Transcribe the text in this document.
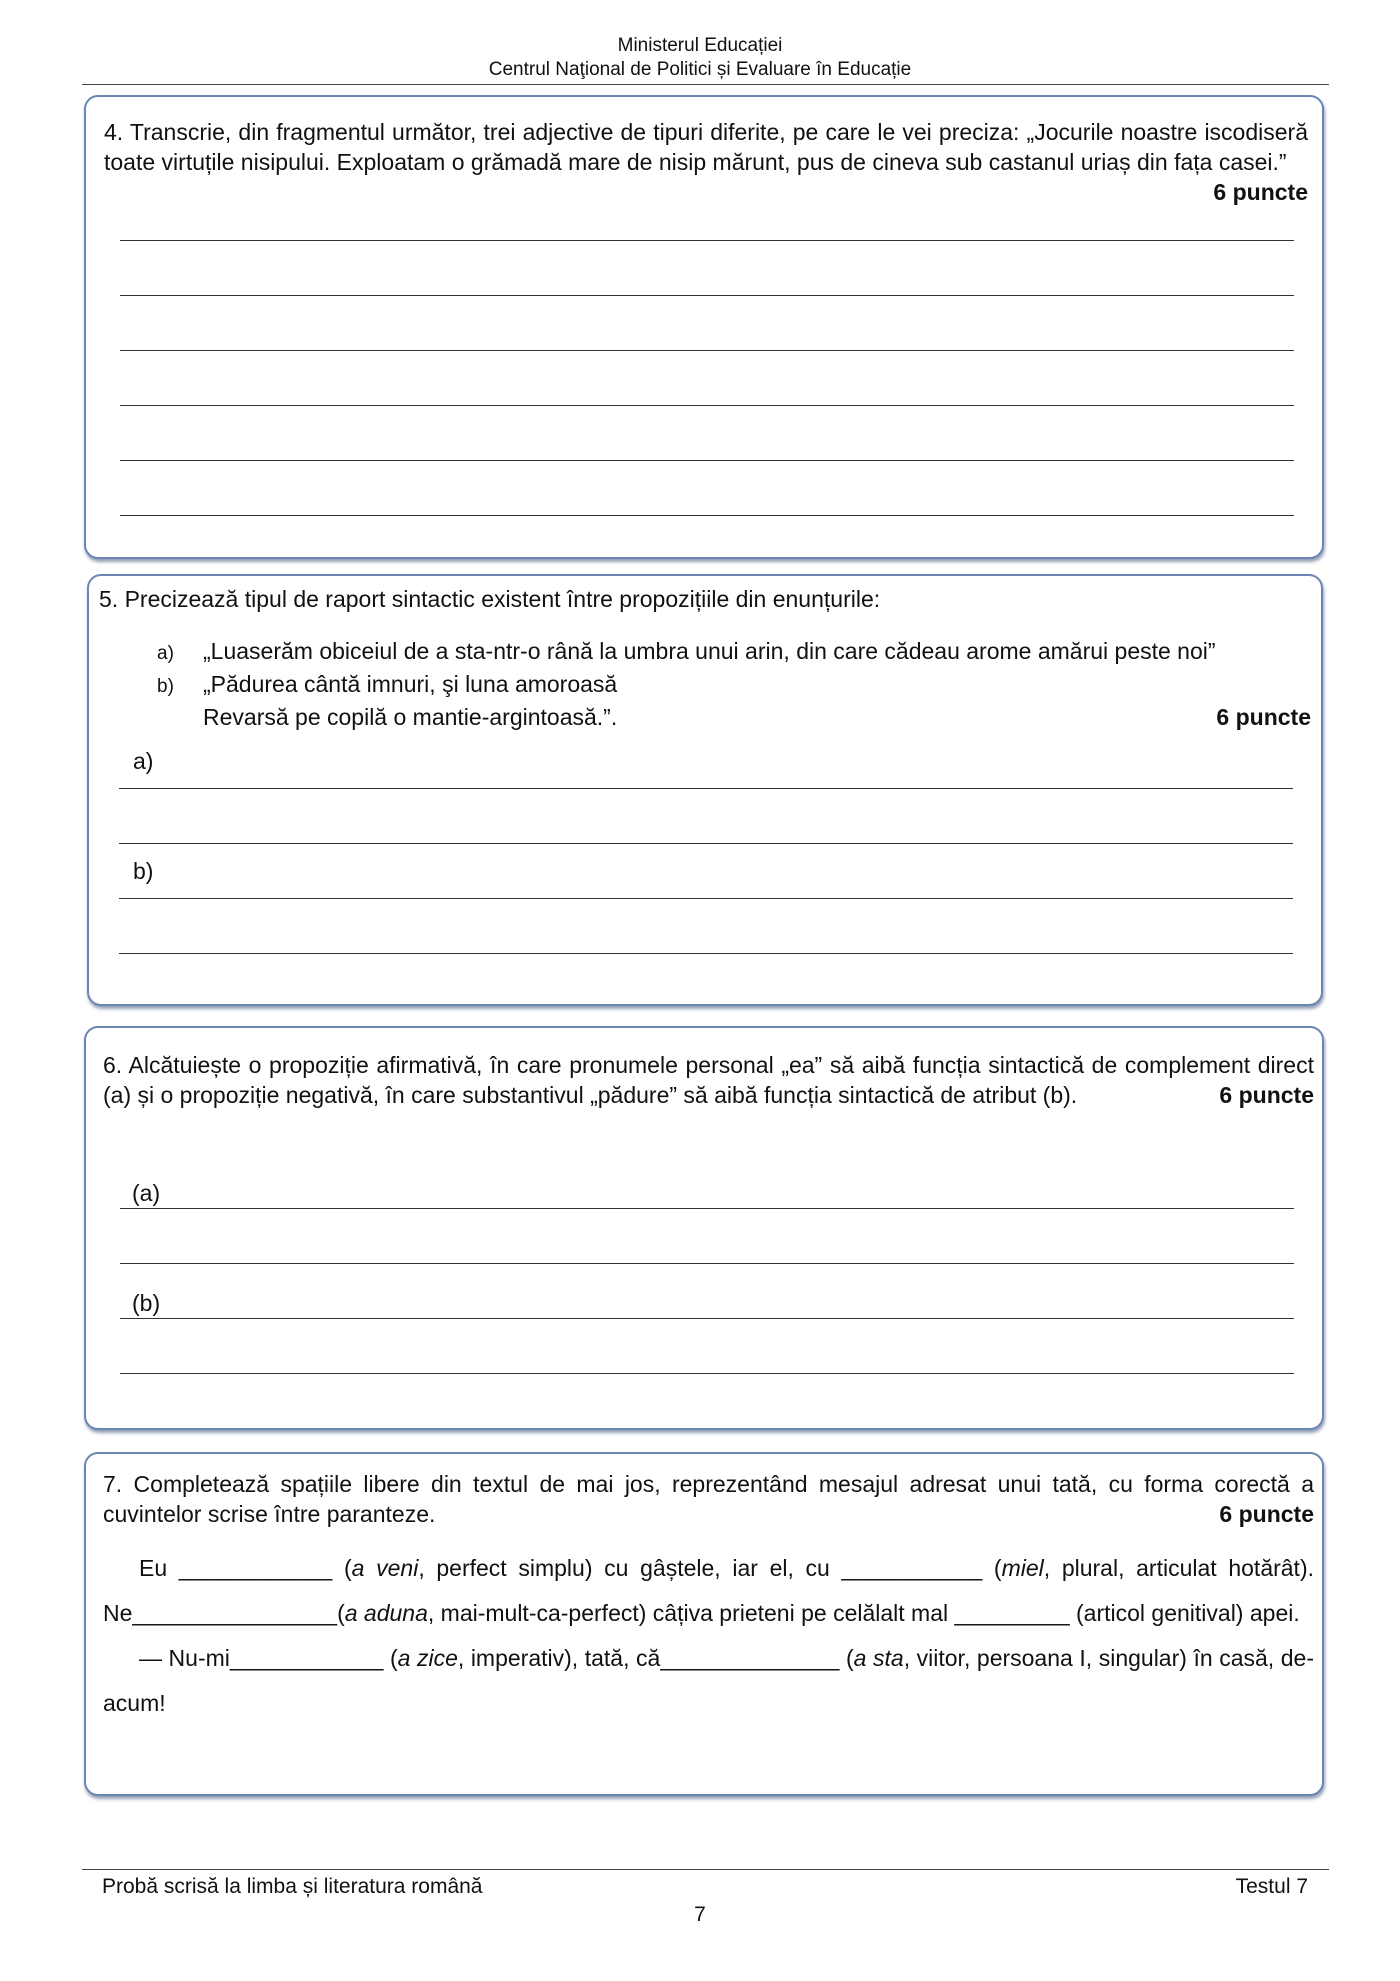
Ministerul Educației
Centrul Naţional de Politici și Evaluare în Educație

4. Transcrie, din fragmentul următor, trei adjective de tipuri diferite, pe care le vei preciza: „Jocurile noastre iscodiseră toate virtuțile nisipului. Exploatam o grămadă mare de nisip mărunt, pus de cineva sub castanul uriaș din fața casei.”
6 puncte

5. Precizează tipul de raport sintactic existent între propozițiile din enunțurile:
a) „Luaserăm obiceiul de a sta-ntr-o rână la umbra unui arin, din care cădeau arome amărui peste noi”
b) „Pădurea cântă imnuri, şi luna amoroasă
Revarsă pe copilă o mantie-argintoasă.”.	6 puncte
a)
b)

6. Alcătuiește o propoziție afirmativă, în care pronumele personal „ea” să aibă funcția sintactică de complement direct (a) și o propoziție negativă, în care substantivul „pădure” să aibă funcția sintactică de atribut (b).	6 puncte

(a)
(b)

7. Completează spațiile libere din textul de mai jos, reprezentând mesajul adresat unui tată, cu forma corectă a cuvintelor scrise între paranteze.	6 puncte

Eu ____________ (a veni, perfect simplu) cu gâștele, iar el, cu ___________ (miel, plural, articulat hotărât). Ne________________(a aduna, mai-mult-ca-perfect) câțiva prieteni pe celălalt mal _________ (articol genitival) apei.
— Nu-mi____________ (a zice, imperativ), tată, că______________ (a sta, viitor, persoana I, singular) în casă, de-acum!
Probă scrisă la limba și literatura română	Testul 7
7
